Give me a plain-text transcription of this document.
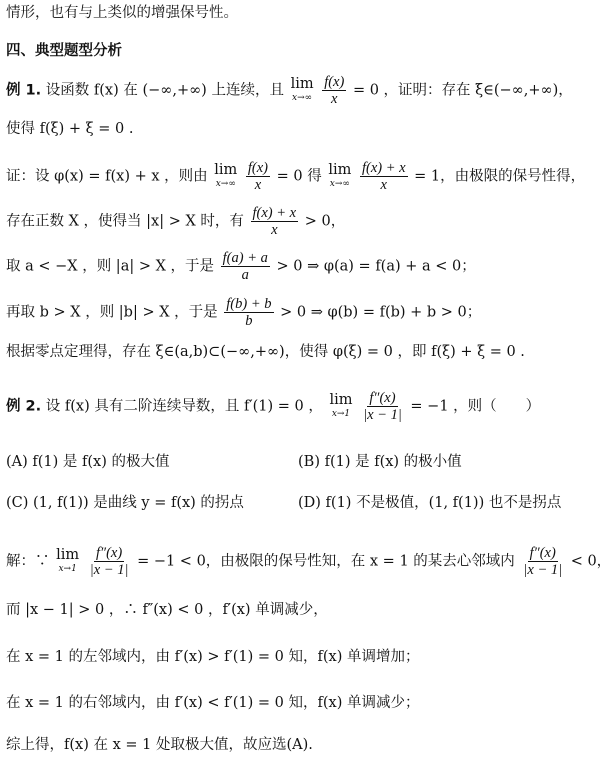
情形，也有与上类似的增强保号性。
四、典型题型分析
例 1. 设函数 f(x) 在 (−∞,+∞) 上连续，且 lim
x→∞
$\frac{f(x)}{x} = 0$ ，证明：存在 ξ∈(−∞,+∞)，
使得 f(ξ) + ξ = 0 .
证：设 φ(x) = f(x) + x ，则由 lim
x→∞
$\frac{f(x)}{x} = 0$ 得 lim
x→∞
$\frac{f(x) + x}{x} = 1$，由极限的保号性得，
存在正数 X ，使得当 |x| > X 时，有 $\frac{f(x) + x}{x} > 0$，
取 a < −X ，则 |a| > X ，于是 $\frac{f(a) + a}{a} > 0$ ⇒ φ(a) = f(a) + a < 0；
再取 b > X ，则 |b| > X ，于是 $\frac{f(b) + b}{b} > 0$ ⇒ φ(b) = f(b) + b > 0；
根据零点定理得，存在 ξ∈(a,b)⊂(−∞,+∞)，使得 φ(ξ) = 0 ，即 f(ξ) + ξ = 0 .
例 2. 设 f(x) 具有二阶连续导数，且 f′(1) = 0 ， lim
x→1
$\frac{f''(x)}{|x - 1|} = -1$ ，则（　　）
(A) f(1) 是 f(x) 的极大值	(B) f(1) 是 f(x) 的极小值
(C) (1, f(1)) 是曲线 y = f(x) 的拐点	(D) f(1) 不是极值，(1, f(1)) 也不是拐点
解：∵ lim
x→1
$\frac{f''(x)}{|x - 1|} = -1 < 0$，由极限的保号性知，在 x = 1 的某去心邻域内 $\frac{f''(x)}{|x - 1|} < 0$，
而 |x − 1| > 0 ，∴ f″(x) < 0 ，f′(x) 单调减少，
在 x = 1 的左邻域内，由 f′(x) > f′(1) = 0 知，f(x) 单调增加；
在 x = 1 的右邻域内，由 f′(x) < f′(1) = 0 知，f(x) 单调减少；
综上得，f(x) 在 x = 1 处取极大值，故应选(A).
